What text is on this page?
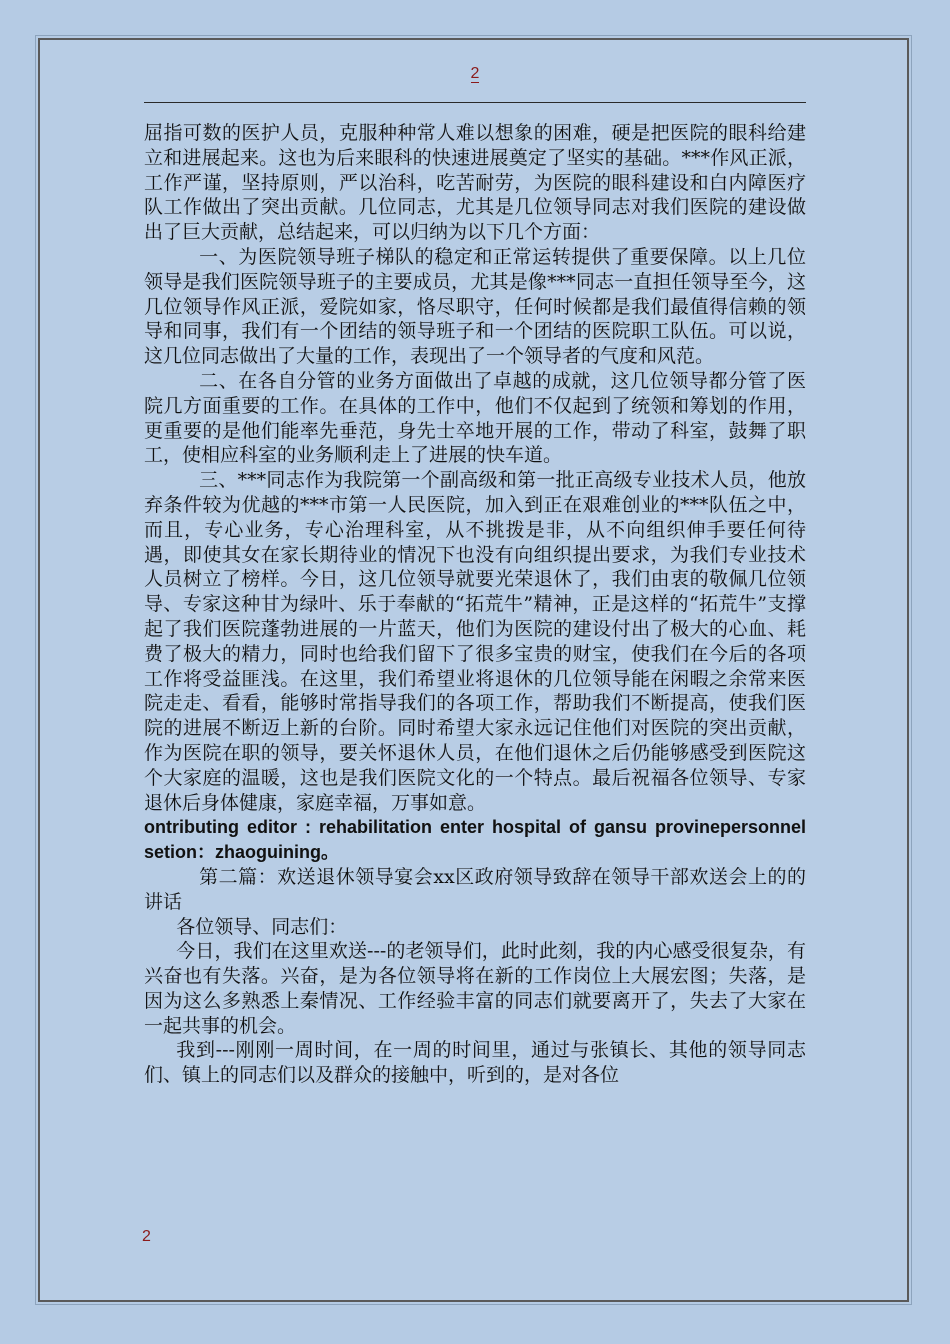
2

屈指可数的医护人员，克服种种常人难以想象的困难，硬是把医院的眼科给建立和进展起来。这也为后来眼科的快速进展奠定了坚实的基础。***作风正派，工作严谨，坚持原则，严以治科，吃苦耐劳，为医院的眼科建设和白内障医疗队工作做出了突出贡献。几位同志，尤其是几位领导同志对我们医院的建设做出了巨大贡献，总结起来，可以归纳为以下几个方面：

一、为医院领导班子梯队的稳定和正常运转提供了重要保障。以上几位领导是我们医院领导班子的主要成员，尤其是像***同志一直担任领导至今，这几位领导作风正派，爱院如家，恪尽职守，任何时候都是我们最值得信赖的领导和同事，我们有一个团结的领导班子和一个团结的医院职工队伍。可以说，这几位同志做出了大量的工作，表现出了一个领导者的气度和风范。

二、在各自分管的业务方面做出了卓越的成就，这几位领导都分管了医院几方面重要的工作。在具体的工作中，他们不仅起到了统领和筹划的作用，更重要的是他们能率先垂范，身先士卒地开展的工作，带动了科室，鼓舞了职工，使相应科室的业务顺利走上了进展的快车道。

三、***同志作为我院第一个副高级和第一批正高级专业技术人员，他放弃条件较为优越的***市第一人民医院，加入到正在艰难创业的***队伍之中，而且，专心业务，专心治理科室，从不挑拨是非，从不向组织伸手要任何待遇，即使其女在家长期待业的情况下也没有向组织提出要求，为我们专业技术人员树立了榜样。今日，这几位领导就要光荣退休了，我们由衷的敬佩几位领导、专家这种甘为绿叶、乐于奉献的“拓荒牛”精神，正是这样的“拓荒牛”支撑起了我们医院蓬勃进展的一片蓝天，他们为医院的建设付出了极大的心血、耗费了极大的精力，同时也给我们留下了很多宝贵的财宝，使我们在今后的各项工作将受益匪浅。在这里，我们希望业将退休的几位领导能在闲暇之余常来医院走走、看看，能够时常指导我们的各项工作，帮助我们不断提高，使我们医院的进展不断迈上新的台阶。同时希望大家永远记住他们对医院的突出贡献，作为医院在职的领导，要关怀退休人员，在他们退休之后仍能够感受到医院这个大家庭的温暖，这也是我们医院文化的一个特点。最后祝福各位领导、专家退休后身体健康，家庭幸福，万事如意。

ontributing editor : rehabilitation enter hospital of gansu provinepersonnel setion：zhaoguining。

第二篇：欢送退休领导宴会xx区政府领导致辞在领导干部欢送会上的的讲话

各位领导、同志们：

今日，我们在这里欢送---的老领导们，此时此刻，我的内心感受很复杂，有兴奋也有失落。兴奋，是为各位领导将在新的工作岗位上大展宏图；失落，是因为这么多熟悉上秦情况、工作经验丰富的同志们就要离开了，失去了大家在一起共事的机会。

我到---刚刚一周时间，在一周的时间里，通过与张镇长、其他的领导同志们、镇上的同志们以及群众的接触中，听到的，是对各位

2
